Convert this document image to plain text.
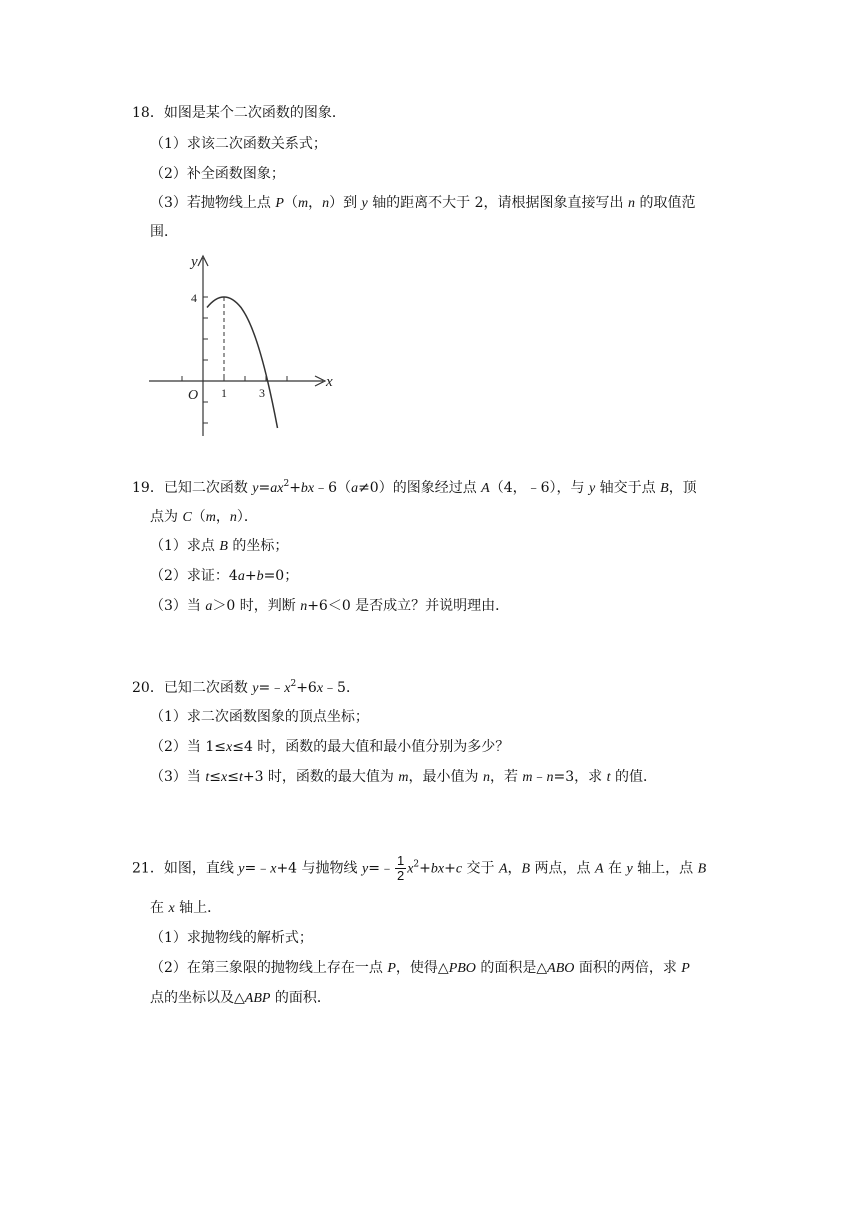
18．如图是某个二次函数的图象．
（1）求该二次函数关系式；
（2）补全函数图象；
（3）若抛物线上点 P（m，n）到 y 轴的距离不大于 2，请根据图象直接写出 n 的取值范
围．
y
x
O
4
1	3
19．已知二次函数 $y=ax^2+bx﹣6(a\ne 0)$的图象经过点 A（4，﹣6），与 y 轴交于点 B，顶
点为 C（m，n）．
（1）求点 B 的坐标；
（2）求证：4a+b=0；
（3）当 a＞0 时，判断 n+6＜0 是否成立？并说明理由．
20．已知二次函数 $y=﹣x^2+6x﹣5$．
（1）求二次函数图象的顶点坐标；
（2）当 1≤x≤4 时，函数的最大值和最小值分别为多少？
（3）当 t≤x≤t+3 时，函数的最大值为 m，最小值为 n，若 m﹣n=3，求 t 的值．
21．如图，直线 y=﹣x+4 与抛物线 y=﹣ $\frac{1}{2} x^2+bx+c$ 交于 A，B 两点，点 A 在 y 轴上，点 B
在 x 轴上．
（1）求抛物线的解析式；
（2）在第三象限的抛物线上存在一点 P，使得△PBO 的面积是△ABO 面积的两倍，求 P
点的坐标以及△ABP 的面积．
